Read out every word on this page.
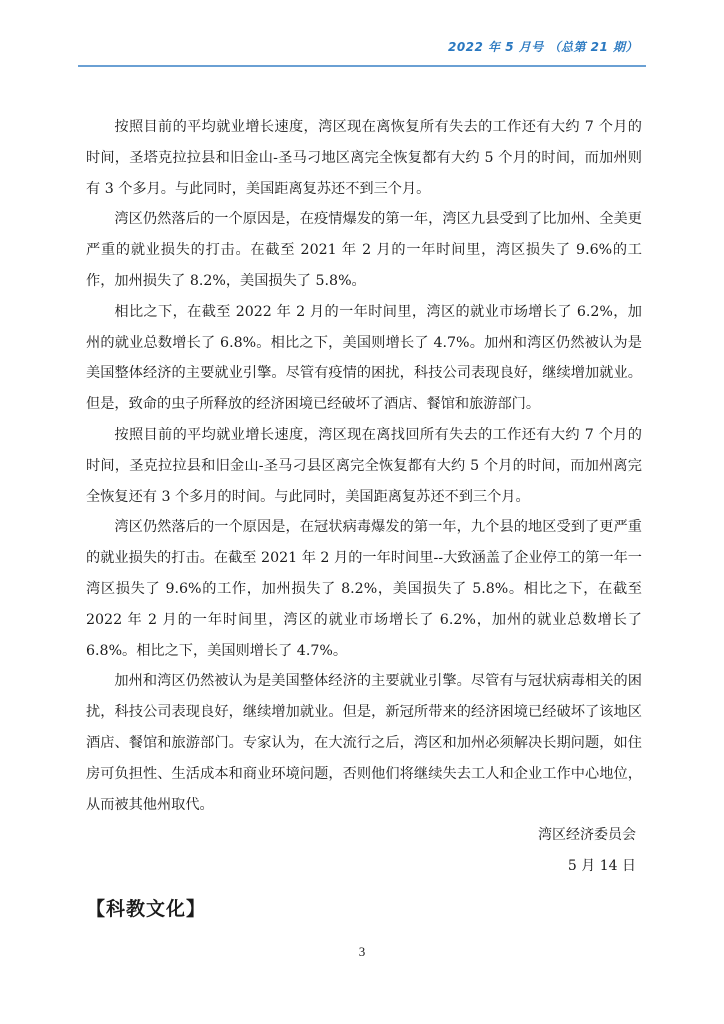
2022 年 5 月号 （总第 21 期）

按照目前的平均就业增长速度，湾区现在离恢复所有失去的工作还有大约 7 个月的时间，圣塔克拉拉县和旧金山-圣马刁地区离完全恢复都有大约 5 个月的时间，而加州则有 3 个多月。与此同时，美国距离复苏还不到三个月。

湾区仍然落后的一个原因是，在疫情爆发的第一年，湾区九县受到了比加州、全美更严重的就业损失的打击。在截至 2021 年 2 月的一年时间里，湾区损失了 9.6%的工作，加州损失了 8.2%，美国损失了 5.8%。

相比之下，在截至 2022 年 2 月的一年时间里，湾区的就业市场增长了 6.2%，加州的就业总数增长了 6.8%。相比之下，美国则增长了 4.7%。加州和湾区仍然被认为是美国整体经济的主要就业引擎。尽管有疫情的困扰，科技公司表现良好，继续增加就业。但是，致命的虫子所释放的经济困境已经破坏了酒店、餐馆和旅游部门。

按照目前的平均就业增长速度，湾区现在离找回所有失去的工作还有大约 7 个月的时间，圣克拉拉县和旧金山-圣马刁县区离完全恢复都有大约 5 个月的时间，而加州离完全恢复还有 3 个多月的时间。与此同时，美国距离复苏还不到三个月。

湾区仍然落后的一个原因是，在冠状病毒爆发的第一年，九个县的地区受到了更严重的就业损失的打击。在截至 2021 年 2 月的一年时间里--大致涵盖了企业停工的第一年一湾区损失了 9.6%的工作，加州损失了 8.2%，美国损失了 5.8%。相比之下，在截至 2022 年 2 月的一年时间里，湾区的就业市场增长了 6.2%，加州的就业总数增长了 6.8%。相比之下，美国则增长了 4.7%。

加州和湾区仍然被认为是美国整体经济的主要就业引擎。尽管有与冠状病毒相关的困扰，科技公司表现良好，继续增加就业。但是，新冠所带来的经济困境已经破坏了该地区酒店、餐馆和旅游部门。专家认为，在大流行之后，湾区和加州必须解决长期问题，如住房可负担性、生活成本和商业环境问题，否则他们将继续失去工人和企业工作中心地位，从而被其他州取代。

湾区经济委员会
5 月 14 日
【科教文化】
3
